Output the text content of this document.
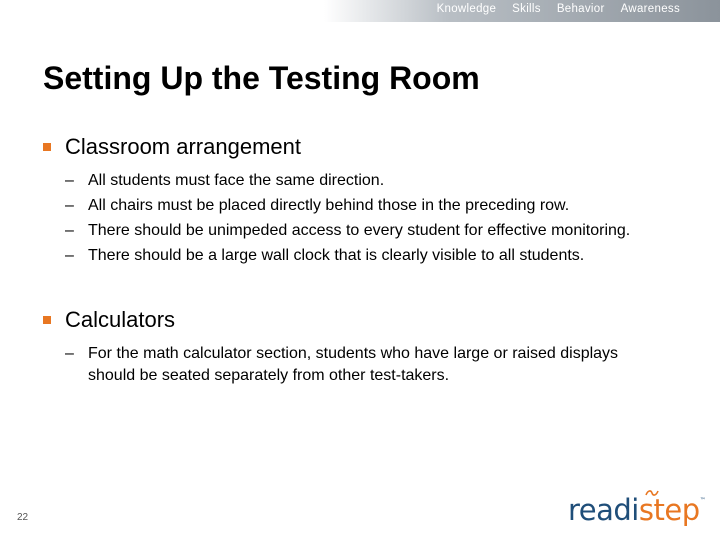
Knowledge Skills Behavior Awareness
Setting Up the Testing Room
Classroom arrangement
– All students must face the same direction.
– All chairs must be placed directly behind those in the preceding row.
– There should be unimpeded access to every student for effective monitoring.
– There should be a large wall clock that is clearly visible to all students.
Calculators
– For the math calculator section, students who have large or raised displays should be seated separately from other test-takers.
22	readistep™
